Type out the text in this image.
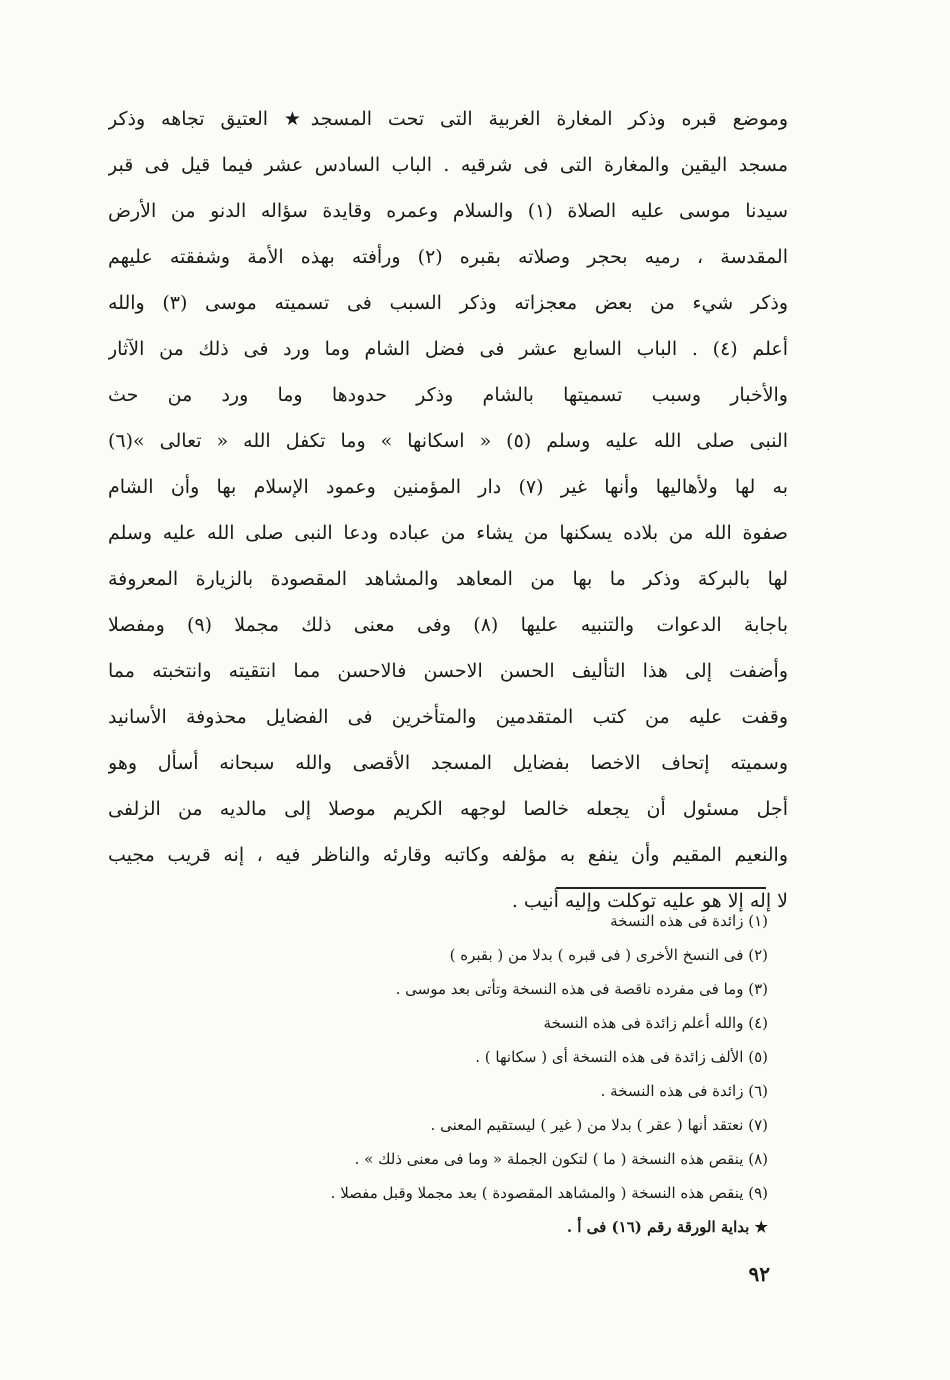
وموضع قبره وذكر المغارة الغربية التى تحت المسجد★ العتيق تجاهه وذكر
مسجد اليقين والمغارة التى فى شرقيه . الباب السادس عشر فيما قيل فى قبر
سيدنا موسى عليه الصلاة (١) والسلام وعمره وقايدة سؤاله الدنو من الأرض
المقدسة ، رميه بحجر وصلاته بقبره (٢) ورأفته بهذه الأمة وشفقته عليهم
وذكر شيء من بعض معجزاته وذكر السبب فى تسميته موسى (٣) والله
أعلم (٤) . الباب السابع عشر فى فضل الشام وما ورد فى ذلك من الآثار
والأخبار وسبب تسميتها بالشام وذكر حدودها وما ورد من حث
النبى صلى الله عليه وسلم (٥) « اسكانها » وما تكفل الله « تعالى »(٦)
به لها ولأهاليها وأنها غير (٧) دار المؤمنين وعمود الإسلام بها وأن الشام
صفوة الله من بلاده يسكنها من يشاء من عباده ودعا النبى صلى الله عليه وسلم
لها بالبركة وذكر ما بها من المعاهد والمشاهد المقصودة بالزيارة المعروفة
باجابة الدعوات والتنبيه عليها (٨) وفى معنى ذلك مجملا (٩) ومفصلا
وأضفت إلى هذا التأليف الحسن الاحسن فالاحسن مما انتقيته وانتخبته مما
وقفت عليه من كتب المتقدمين والمتأخرين فى الفضايل محذوفة الأسانيد
وسميته إتحاف الاخصا بفضايل المسجد الأقصى والله سبحانه أسأل وهو
أجل مسئول أن يجعله خالصا لوجهه الكريم موصلا إلى مالديه من الزلفى
والنعيم المقيم وأن ينفع به مؤلفه وكاتبه وقارئه والناظر فيه ، إنه قريب مجيب
لا إله إلا هو عليه توكلت وإليه أنيب .
(١) زائدة فى هذه النسخة
(٢) فى النسخ الأخرى ( فى قبره ) بدلا من ( بقبره )
(٣) وما فى مفرده ناقصة فى هذه النسخة وتأتى بعد موسى .
(٤) والله أعلم زائدة فى هذه النسخة
(٥) الألف زائدة فى هذه النسخة أى ( سكانها ) .
(٦) زائدة فى هذه النسخة .
(٧) نعتقد أنها ( عقر ) بدلا من ( غير ) ليستقيم المعنى .
(٨) ينقص هذه النسخة ( ما ) لتكون الجملة « وما فى معنى ذلك » .
(٩) ينقص هذه النسخة ( والمشاهد المقصودة ) بعد مجملا وقبل مفصلا .
★ بداية الورقة رقم (١٦) فى أ .
٩٢
